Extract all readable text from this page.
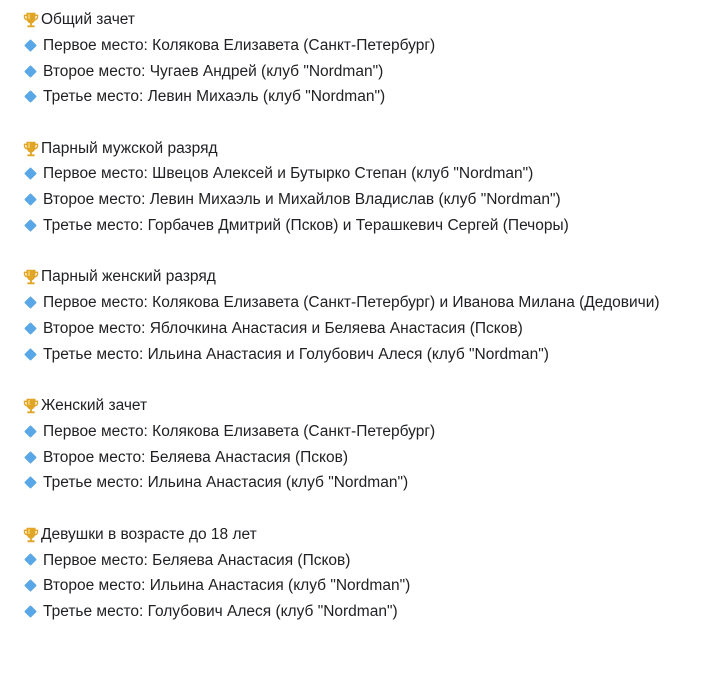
Общий зачет
Первое место: Колякова Елизавета (Санкт-Петербург)
Второе место: Чугаев Андрей (клуб "Nordman")
Третье место: Левин Михаэль (клуб "Nordman")
Парный мужской разряд
Первое место: Швецов Алексей и Бутырко Степан (клуб "Nordman")
Второе место: Левин Михаэль и Михайлов Владислав (клуб "Nordman")
Третье место: Горбачев Дмитрий (Псков) и Терашкевич Сергей (Печоры)
Парный женский разряд
Первое место: Колякова Елизавета (Санкт-Петербург) и Иванова Милана (Дедовичи)
Второе место: Яблочкина Анастасия и Беляева Анастасия (Псков)
Третье место: Ильина Анастасия и Голубович Алеся (клуб "Nordman")
Женский зачет
Первое место: Колякова Елизавета (Санкт-Петербург)
Второе место: Беляева Анастасия (Псков)
Третье место: Ильина Анастасия (клуб "Nordman")
Девушки в возрасте до 18 лет
Первое место: Беляева Анастасия (Псков)
Второе место: Ильина Анастасия (клуб "Nordman")
Третье место: Голубович Алеся (клуб "Nordman")
